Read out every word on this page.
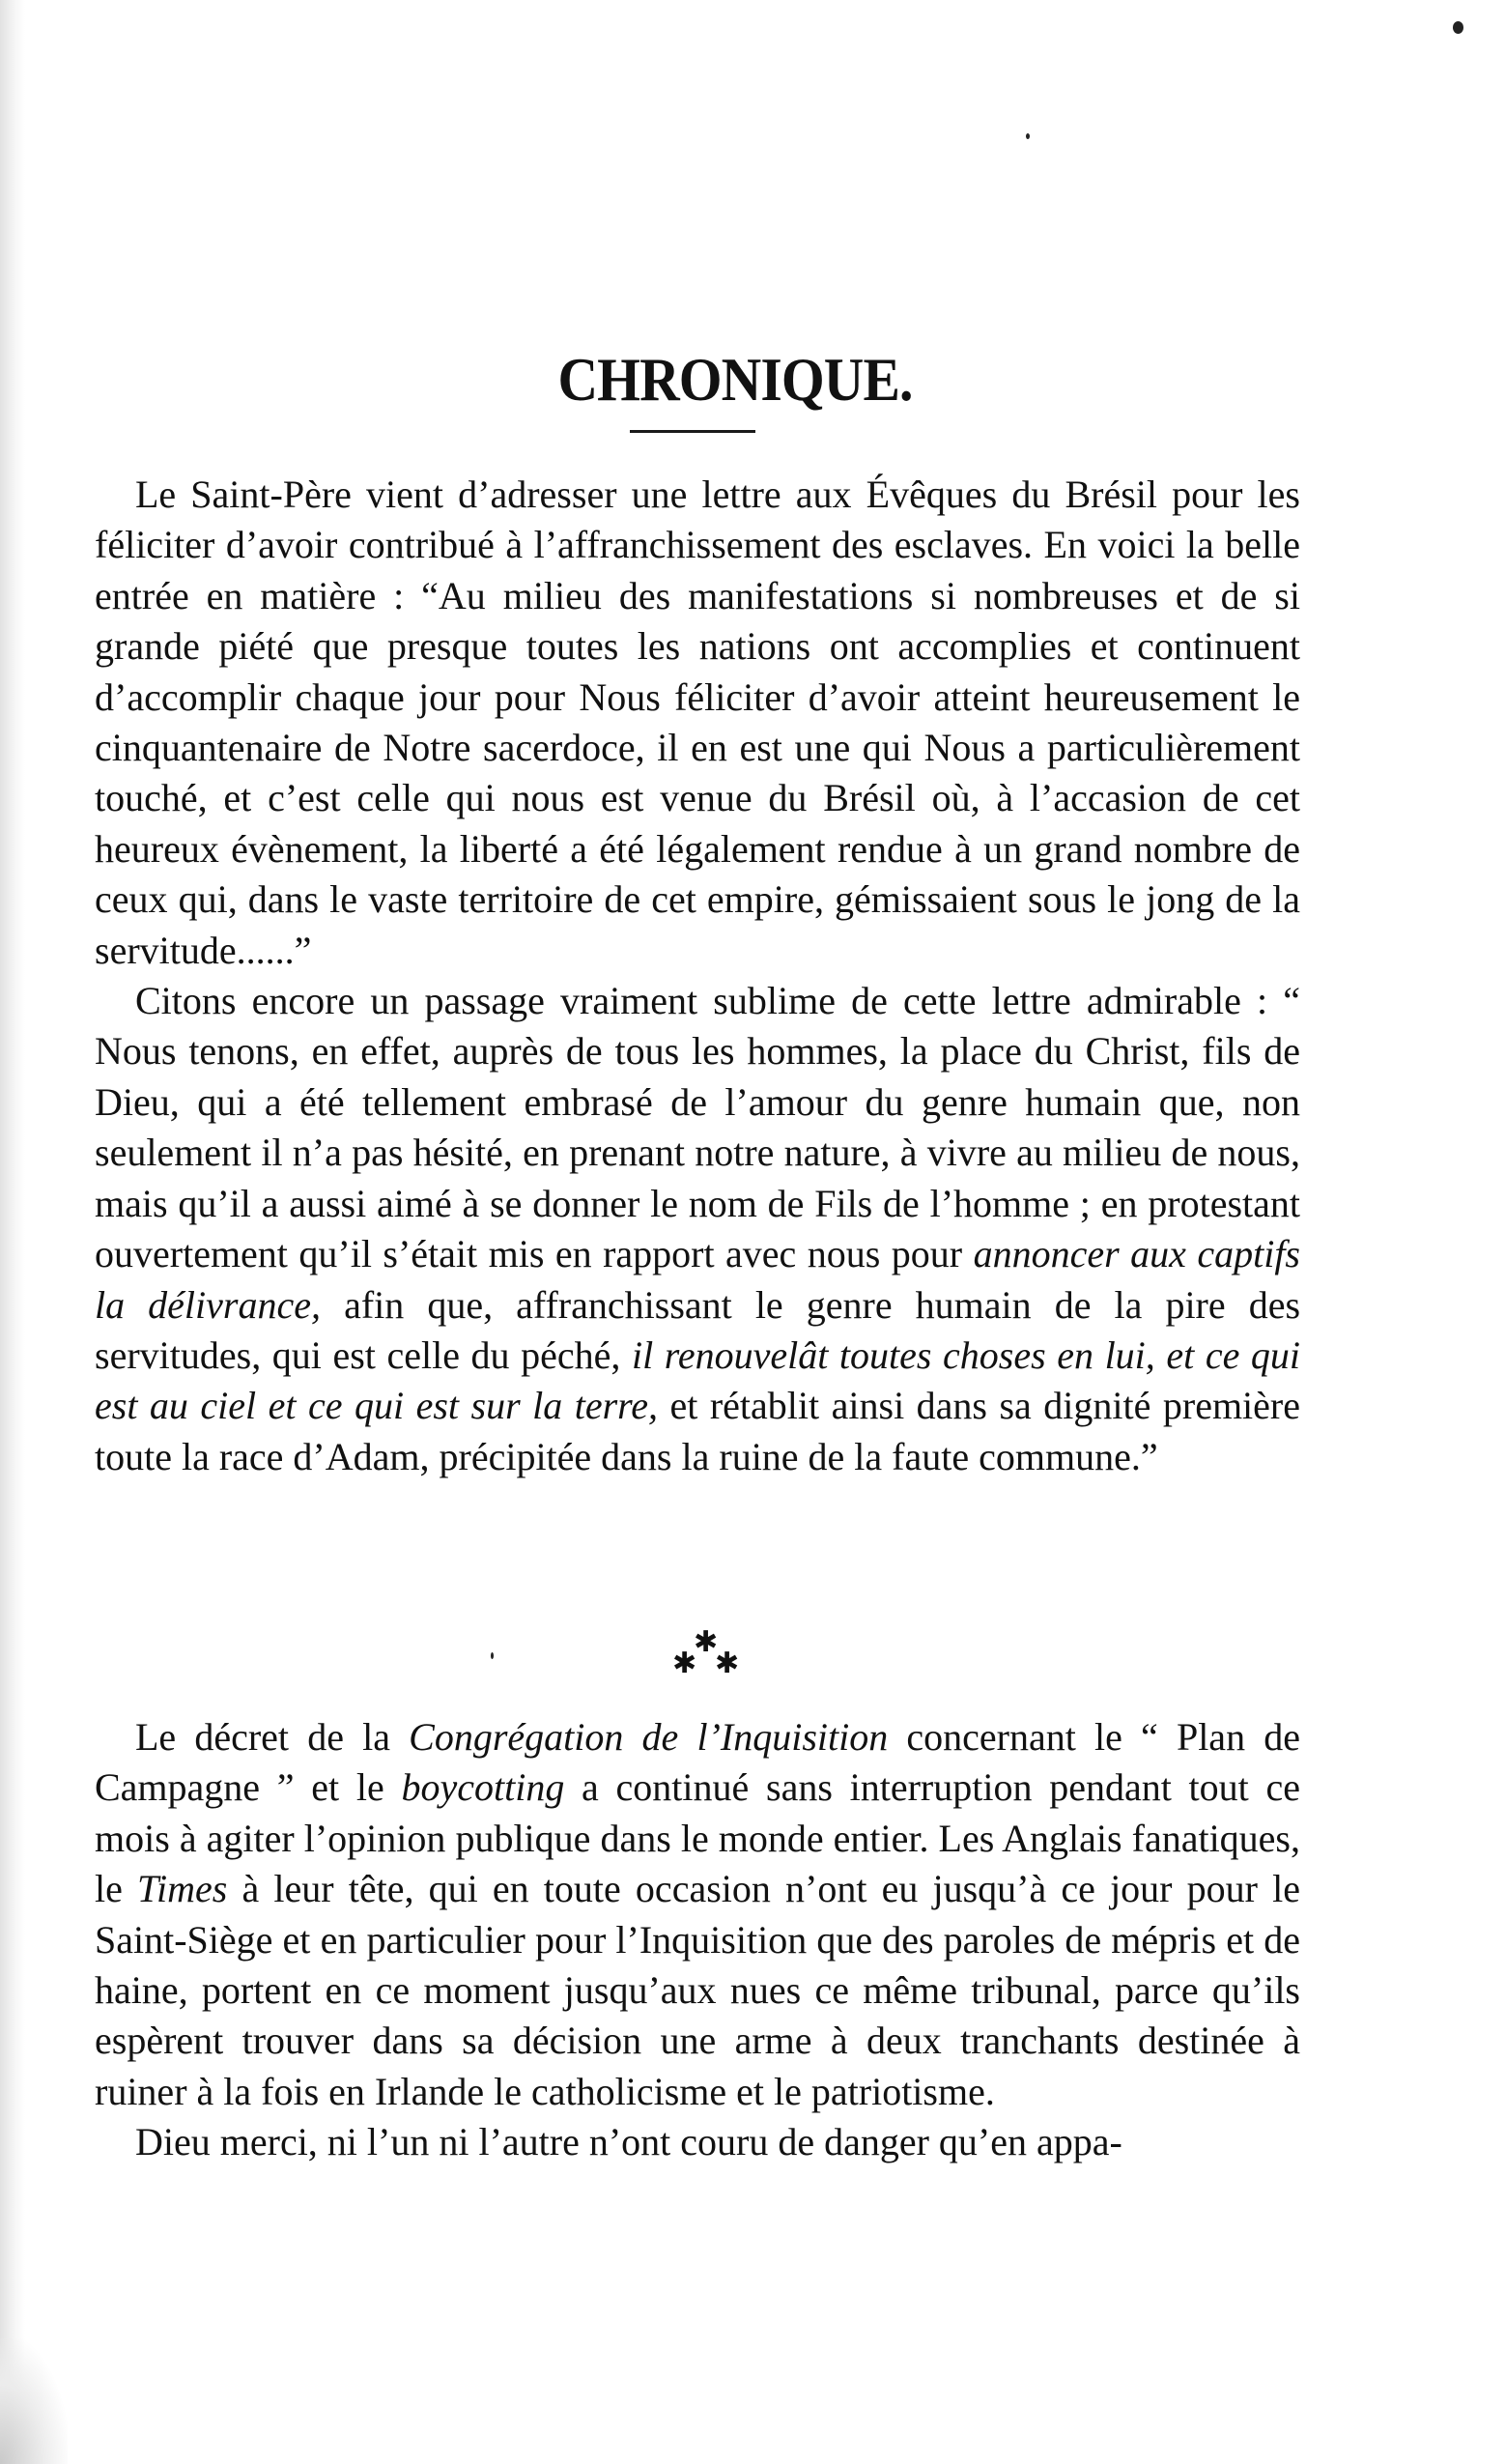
CHRONIQUE.

Le Saint-Père vient d’adresser une lettre aux Évêques du Brésil pour les féliciter d’avoir contribué à l’affranchissement des esclaves. En voici la belle entrée en matière : “Au milieu des manifestations si nombreuses et de si grande piété que presque toutes les nations ont accomplies et continuent d’accomplir chaque jour pour Nous féliciter d’avoir atteint heureusement le cinquantenaire de Notre sacerdoce, il en est une qui Nous a particulièrement touché, et c’est celle qui nous est venue du Brésil où, à l’accasion de cet heureux évènement, la liberté a été légalement rendue à un grand nombre de ceux qui, dans le vaste territoire de cet empire, gémissaient sous le jong de la servitude......”

Citons encore un passage vraiment sublime de cette lettre admirable : “ Nous tenons, en effet, auprès de tous les hommes, la place du Christ, fils de Dieu, qui a été tellement embrasé de l’amour du genre humain que, non seulement il n’a pas hésité, en prenant notre nature, à vivre au milieu de nous, mais qu’il a aussi aimé à se donner le nom de Fils de l’homme ; en protestant ouvertement qu’il s’était mis en rapport avec nous pour annoncer aux captifs la délivrance, afin que, affranchissant le genre humain de la pire des servitudes, qui est celle du péché, il renouvelât toutes choses en lui, et ce qui est au ciel et ce qui est sur la terre, et rétablit ainsi dans sa dignité première toute la race d’Adam, précipitée dans la ruine de la faute commune.”

✱
✱ ✱

Le décret de la Congrégation de l’Inquisition concernant le “ Plan de Campagne ” et le boycotting a continué sans interruption pendant tout ce mois à agiter l’opinion publique dans le monde entier. Les Anglais fanatiques, le Times à leur tête, qui en toute occasion n’ont eu jusqu’à ce jour pour le Saint-Siège et en particulier pour l’Inquisition que des paroles de mépris et de haine, portent en ce moment jusqu’aux nues ce même tribunal, parce qu’ils espèrent trouver dans sa décision une arme à deux tranchants destinée à ruiner à la fois en Irlande le catholicisme et le patriotisme.

Dieu merci, ni l’un ni l’autre n’ont couru de danger qu’en appa-
